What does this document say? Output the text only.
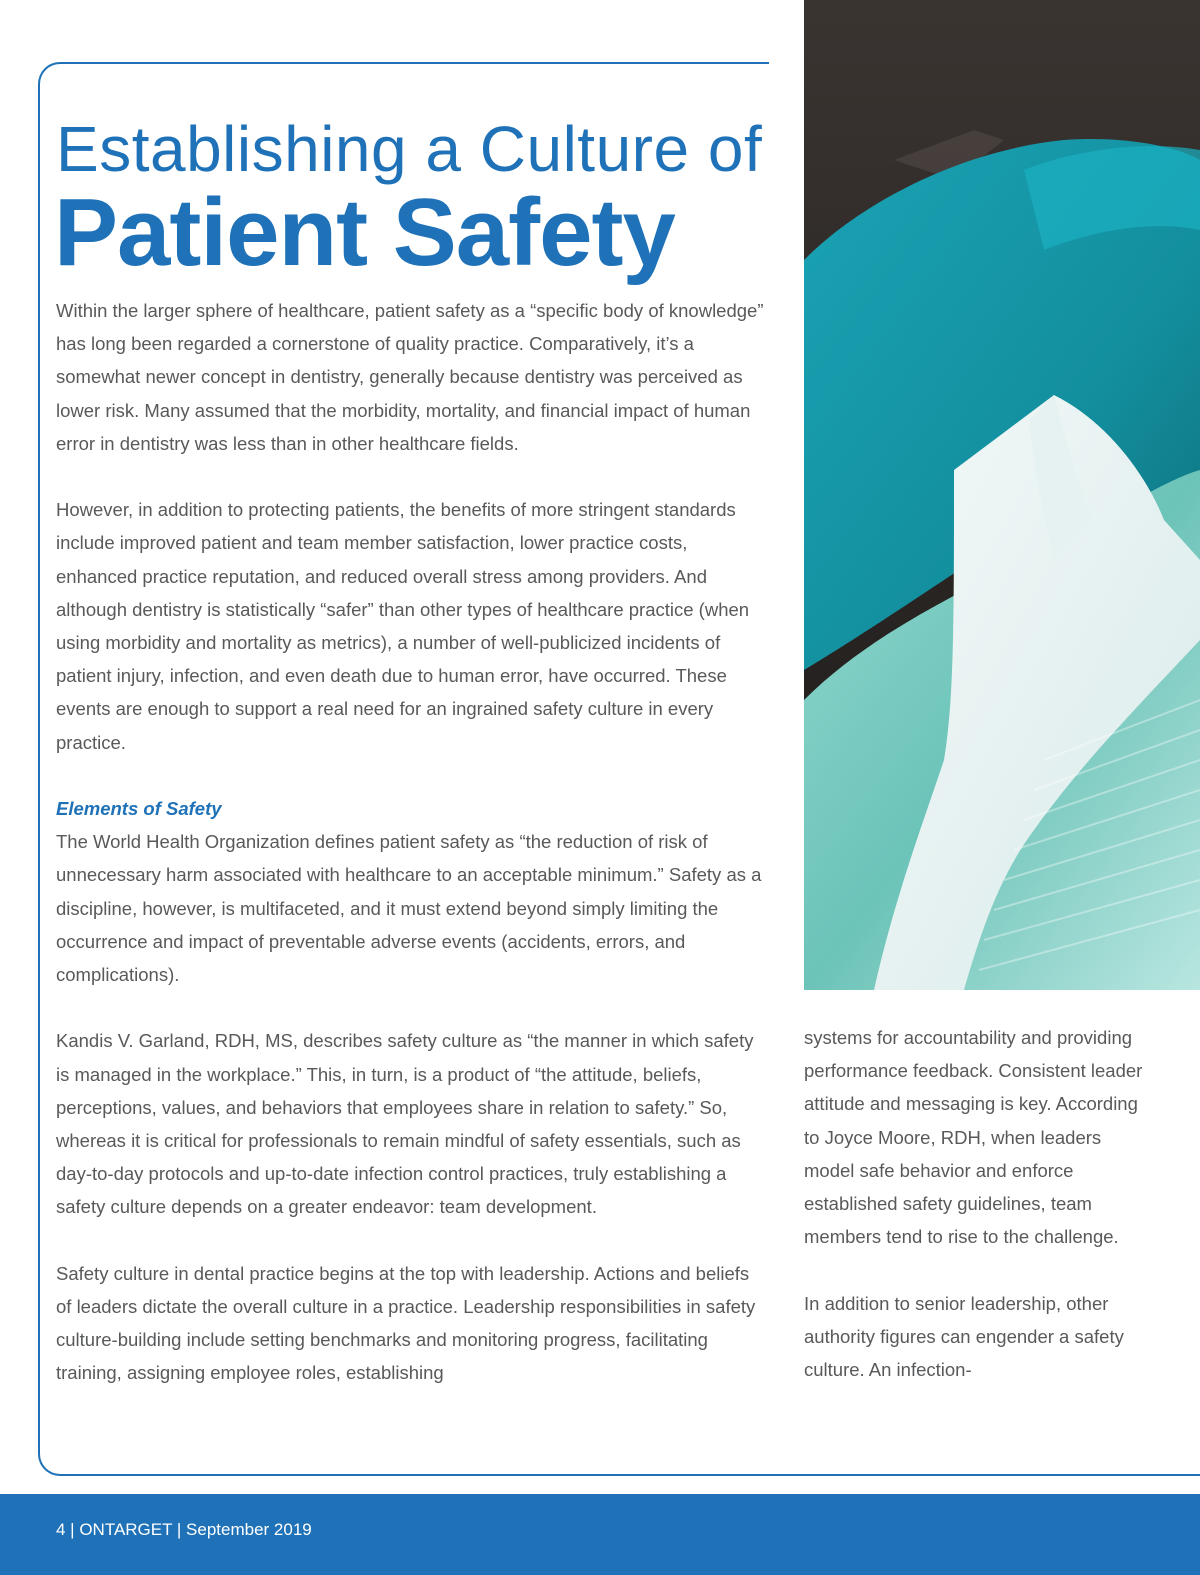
Establishing a Culture of
Patient Safety

Within the larger sphere of healthcare, patient safety as a “specific body of knowledge” has long been regarded a cornerstone of quality practice. Comparatively, it’s a somewhat newer concept in dentistry, generally because dentistry was perceived as lower risk. Many assumed that the morbidity, mortality, and financial impact of human error in dentistry was less than in other healthcare fields.

However, in addition to protecting patients, the benefits of more stringent standards include improved patient and team member satisfaction, lower practice costs, enhanced practice reputation, and reduced overall stress among providers. And although dentistry is statistically “safer” than other types of healthcare practice (when using morbidity and mortality as metrics), a number of well-publicized incidents of patient injury, infection, and even death due to human error, have occurred. These events are enough to support a real need for an ingrained safety culture in every practice.

Elements of Safety

The World Health Organization defines patient safety as “the reduction of risk of unnecessary harm associated with healthcare to an acceptable minimum.” Safety as a discipline, however, is multifaceted, and it must extend beyond simply limiting the occurrence and impact of preventable adverse events (accidents, errors, and complications).

Kandis V. Garland, RDH, MS, describes safety culture as “the manner in which safety is managed in the workplace.” This, in turn, is a product of “the attitude, beliefs, perceptions, values, and behaviors that employees share in relation to safety.” So, whereas it is critical for professionals to remain mindful of safety essentials, such as day-to-day protocols and up-to-date infection control practices, truly establishing a safety culture depends on a greater endeavor: team development.

Safety culture in dental practice begins at the top with leadership. Actions and beliefs of leaders dictate the overall culture in a practice. Leadership responsibilities in safety culture-building include setting benchmarks and monitoring progress, facilitating training, assigning employee roles, establishing

systems for accountability and providing performance feedback. Consistent leader attitude and messaging is key. According to Joyce Moore, RDH, when leaders model safe behavior and enforce established safety guidelines, team members tend to rise to the challenge.

In addition to senior leadership, other authority figures can engender a safety culture. An infection-

4 | ONTARGET | September 2019
